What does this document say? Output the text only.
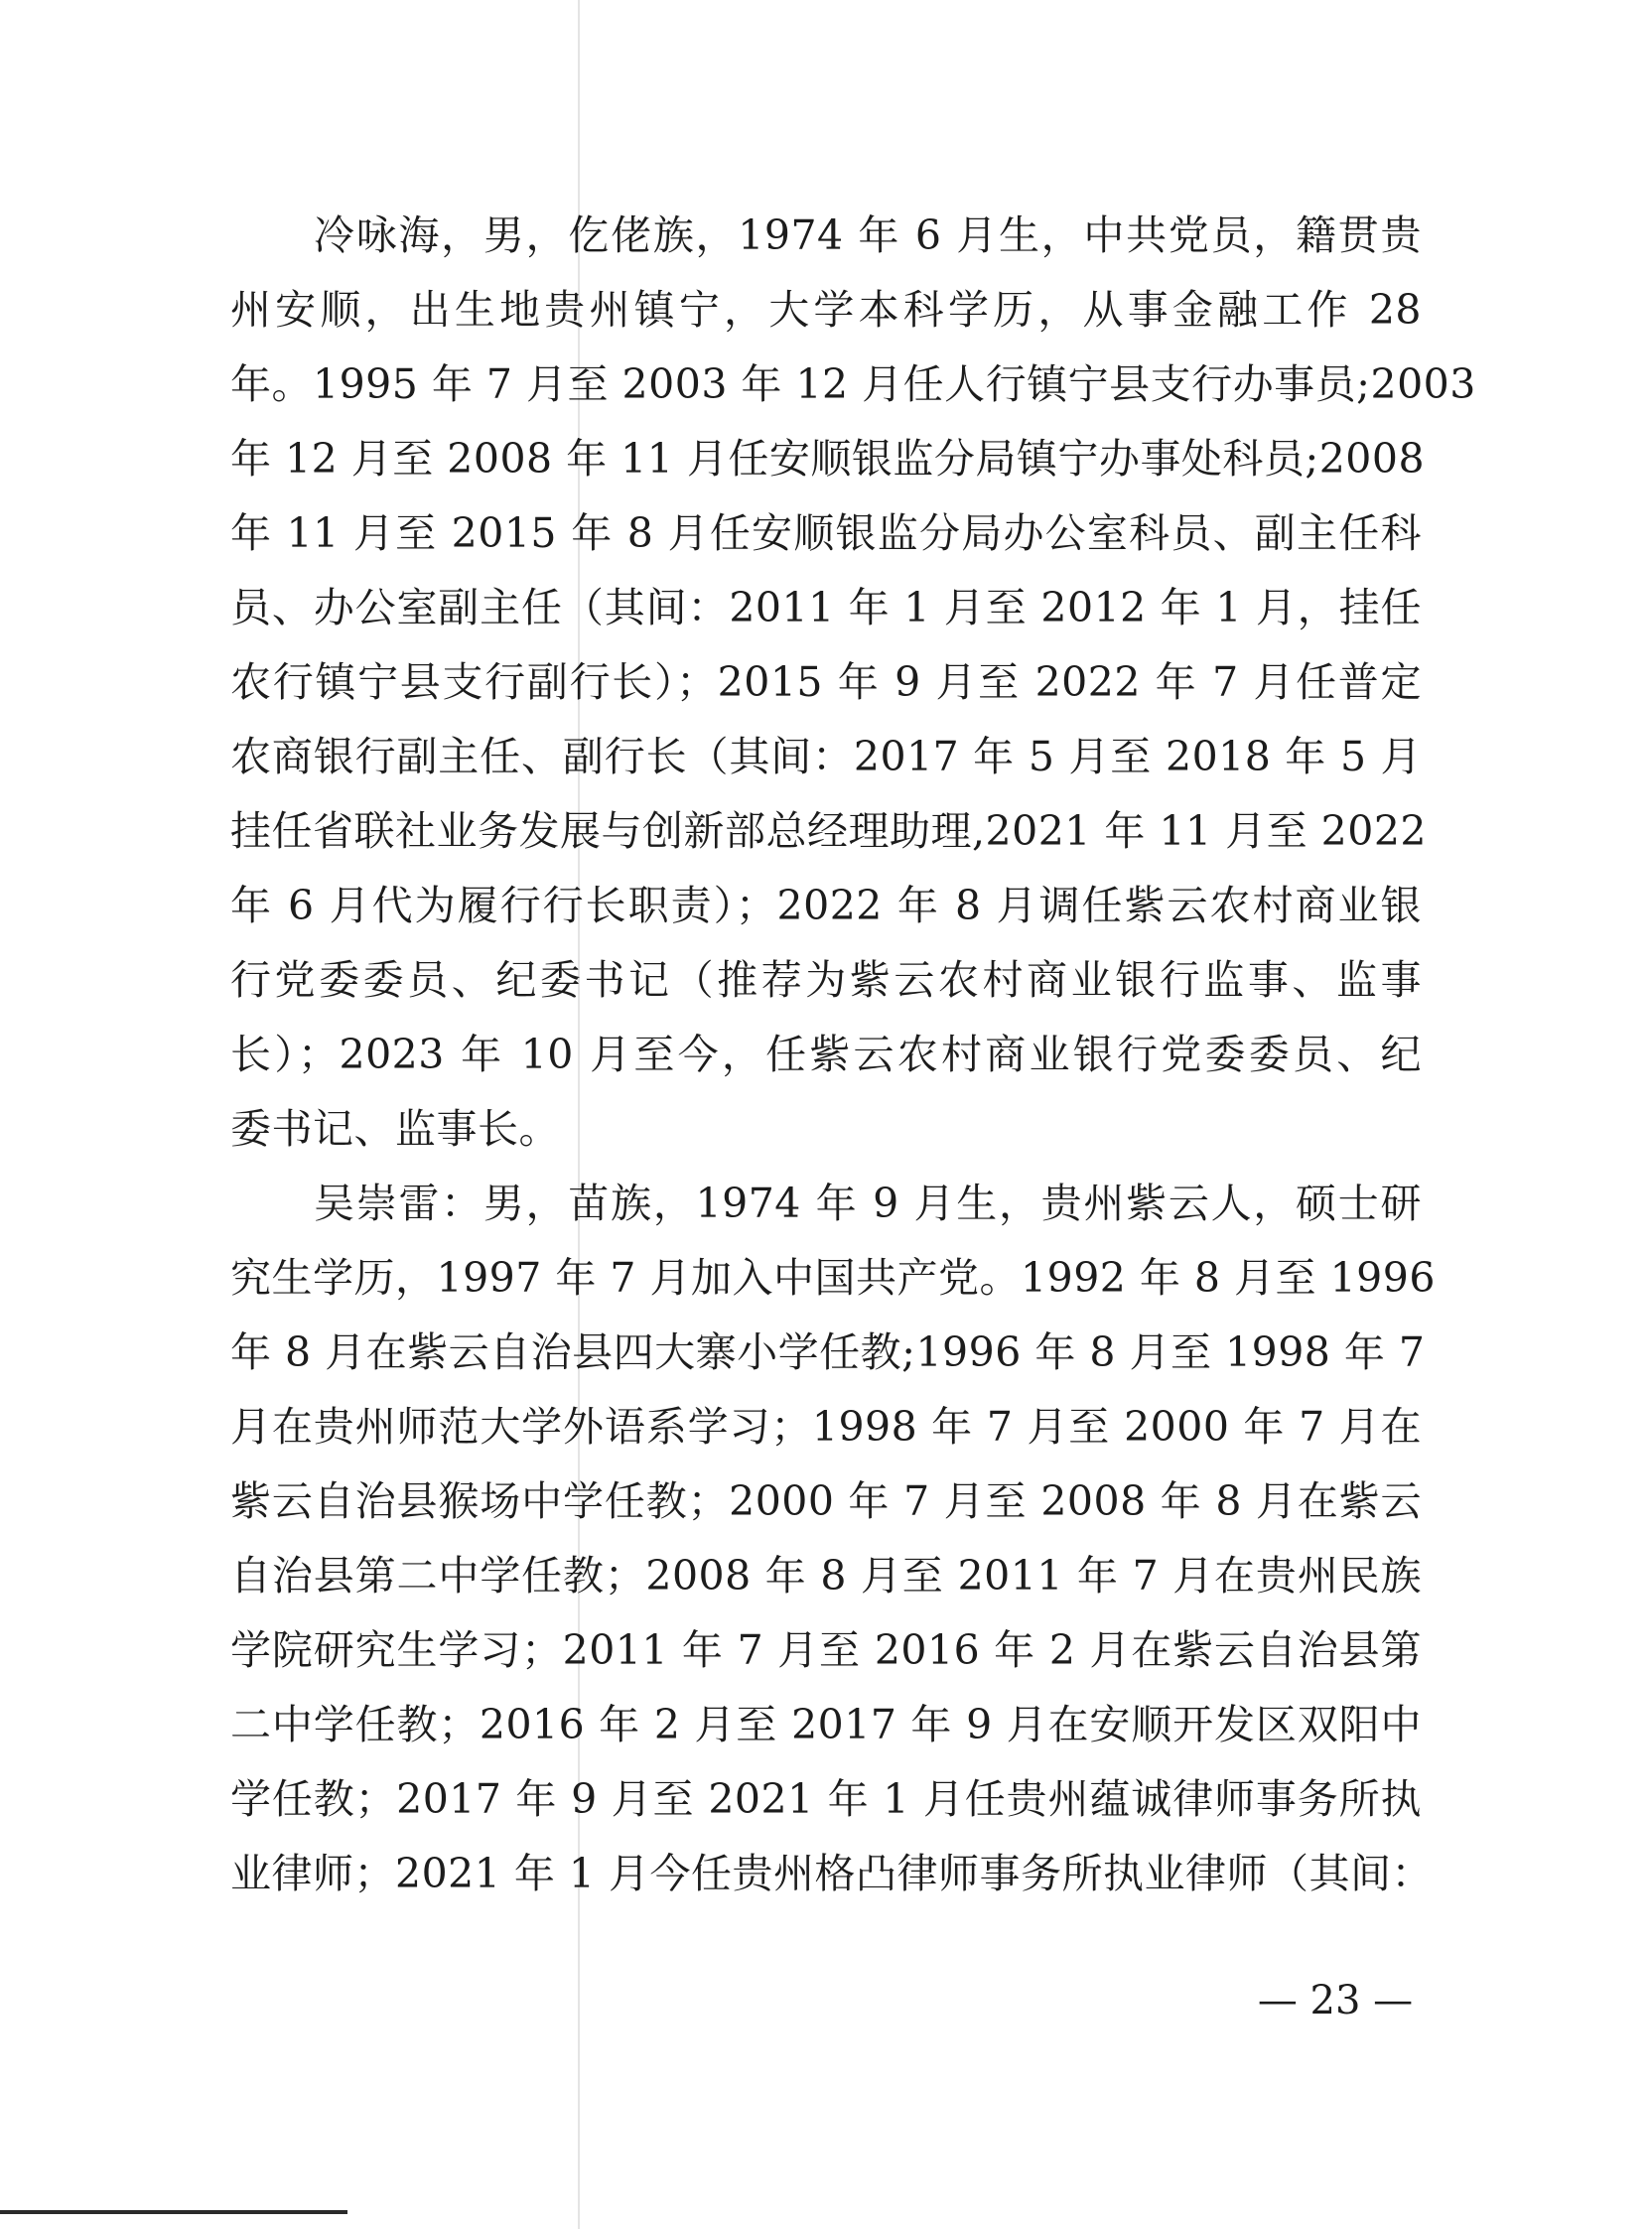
冷咏海，男，仡佬族，1974 年 6 月生，中共党员，籍贯贵
州安顺，出生地贵州镇宁，大学本科学历，从事金融工作 28
年。1995 年 7 月至 2003 年 12 月任人行镇宁县支行办事员;2003
年 12 月至 2008 年 11 月任安顺银监分局镇宁办事处科员;2008
年 11 月至 2015 年 8 月任安顺银监分局办公室科员、副主任科
员、办公室副主任（其间：2011 年 1 月至 2012 年 1 月，挂任
农行镇宁县支行副行长）；2015 年 9 月至 2022 年 7 月任普定
农商银行副主任、副行长（其间：2017 年 5 月至 2018 年 5 月
挂任省联社业务发展与创新部总经理助理,2021 年 11 月至 2022
年 6 月代为履行行长职责）；2022 年 8 月调任紫云农村商业银
行党委委员、纪委书记（推荐为紫云农村商业银行监事、监事
长）；2023 年 10 月至今，任紫云农村商业银行党委委员、纪
委书记、监事长。
吴崇雷：男，苗族，1974 年 9 月生，贵州紫云人，硕士研
究生学历，1997 年 7 月加入中国共产党。1992 年 8 月至 1996
年 8 月在紫云自治县四大寨小学任教;1996 年 8 月至 1998 年 7
月在贵州师范大学外语系学习；1998 年 7 月至 2000 年 7 月在
紫云自治县猴场中学任教；2000 年 7 月至 2008 年 8 月在紫云
自治县第二中学任教；2008 年 8 月至 2011 年 7 月在贵州民族
学院研究生学习；2011 年 7 月至 2016 年 2 月在紫云自治县第
二中学任教；2016 年 2 月至 2017 年 9 月在安顺开发区双阳中
学任教；2017 年 9 月至 2021 年 1 月任贵州蕴诚律师事务所执
业律师；2021 年 1 月今任贵州格凸律师事务所执业律师（其间：
— 23 —
